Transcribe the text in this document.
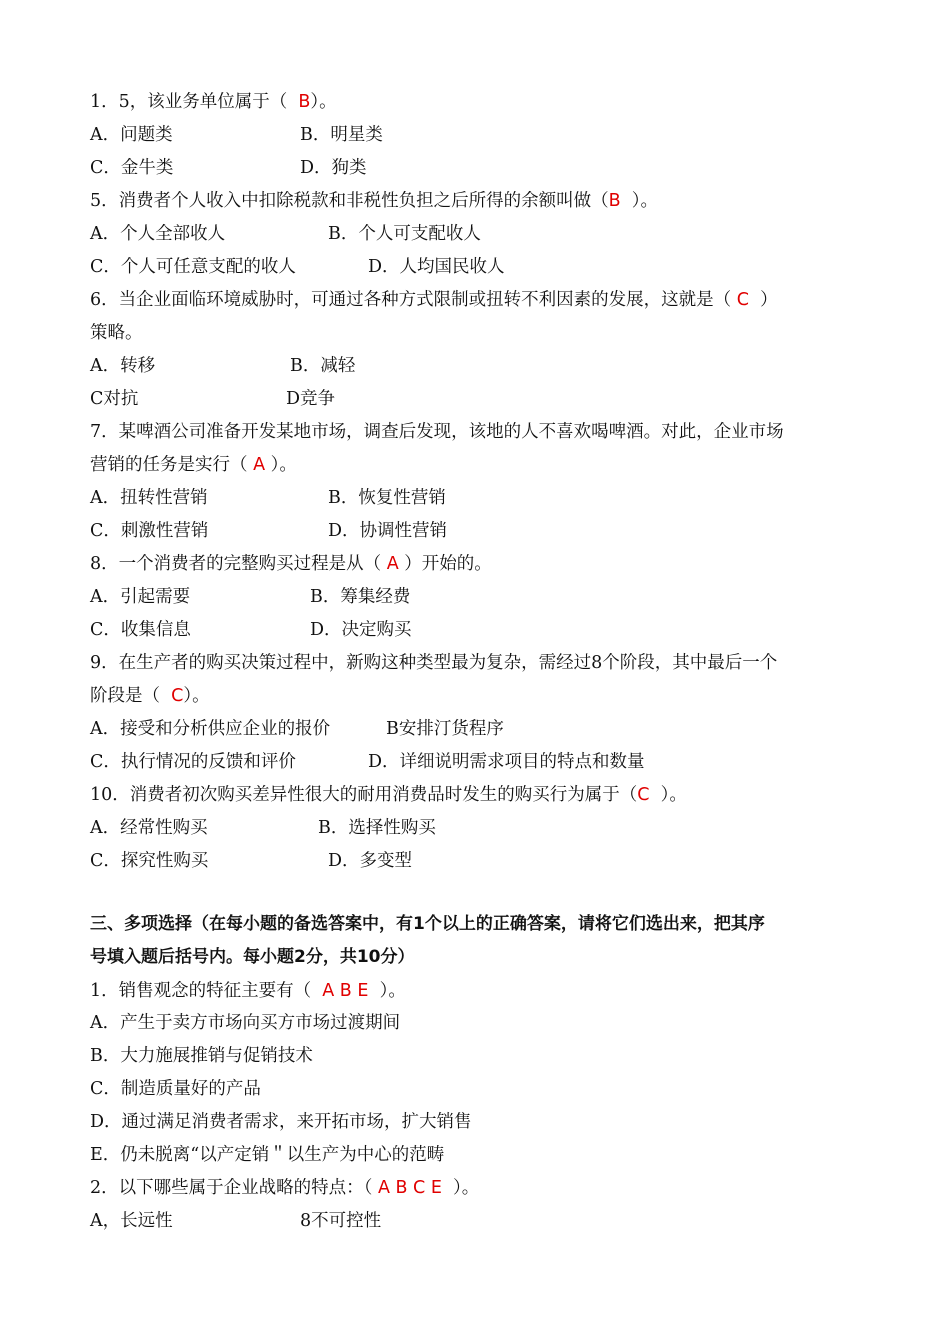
1．5，该业务单位属于（  B）。
A．问题类	B．明星类
C．金牛类	D．狗类
5．消费者个人收入中扣除税款和非税性负担之后所得的余额叫做（B  ）。
A．个人全部收人	B．个人可支配收人
C．个人可任意支配的收人	D．人均国民收人
6．当企业面临环境威胁时，可通过各种方式限制或扭转不利因素的发展，这就是（ C  ）
策略。
A．转移	B．减轻
C对抗	D竞争
7．某啤酒公司准备开发某地市场，调查后发现，该地的人不喜欢喝啤酒。对此，企业市场
营销的任务是实行（ A ）。
A．扭转性营销	B．恢复性营销
C．刺激性营销	D．协调性营销
8．一个消费者的完整购买过程是从（ A ）开始的。
A．引起需要	B．筹集经费
C．收集信息	D．决定购买
9．在生产者的购买决策过程中，新购这种类型最为复杂，需经过8个阶段，其中最后一个
阶段是（  C）。
A．接受和分析供应企业的报价	B安排汀货程序
C．执行情况的反馈和评价	D．详细说明需求项目的特点和数量
10．消费者初次购买差异性很大的耐用消费品时发生的购买行为属于（C  ）。
A．经常性购买	B．选择性购买
C．探究性购买	D．多变型
三、多项选择（在每小题的备选答案中，有1个以上的正确答案，请将它们选出来，把其序
号填入题后括号内。每小题2分，共10分）
1．销售观念的特征主要有（  A B E  ）。
A．产生于卖方市场向买方市场过渡期间
B．大力施展推销与促销技术
C．制造质量好的产品
D．通过满足消费者需求，来开拓市场，扩大销售
E．仍未脱离“以产定销＂以生产为中心的范畴
2．以下哪些属于企业战略的特点：（ A B C E  ）。
A，长远性	8不可控性
